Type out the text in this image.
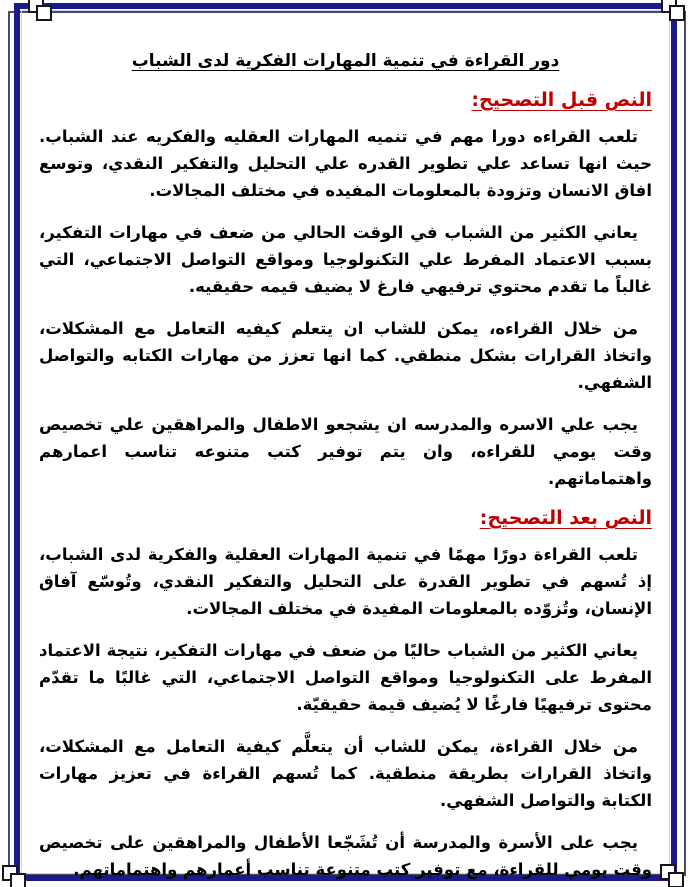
دور القراءة في تنمية المهارات الفكرية لدى الشباب
النص قبل التصحيح:

تلعب القراءه دورا مهم في تنميه المهارات العقليه والفكريه عند الشباب. حيث انها تساعد علي تطوير القدره علي التحليل والتفكير النقدي، وتوسع افاق الانسان وتزودة بالمعلومات المفيده في مختلف المجالات.

يعاني الكثير من الشباب في الوقت الحالي من ضعف في مهارات التفكير، بسبب الاعتماد المفرط علي التكنولوجيا ومواقع التواصل الاجتماعي، التي غالباً ما تقدم محتوي ترفيهي فارغ لا يضيف قيمه حقيقيه.

من خلال القراءه، يمكن للشاب ان يتعلم كيفيه التعامل مع المشكلات، واتخاذ القرارات بشكل منطقي. كما انها تعزز من مهارات الكتابه والتواصل الشفهي.

يجب علي الاسره والمدرسه ان يشجعو الاطفال والمراهقين علي تخصيص وقت يومي للقراءه، وان يتم توفير كتب متنوعه تناسب اعمارهم واهتماماتهم.

النص بعد التصحيح:

تلعب القراءة دورًا مهمًا في تنمية المهارات العقلية والفكرية لدى الشباب، إذ تُسهم في تطوير القدرة على التحليل والتفكير النقدي، وتُوسّع آفاق الإنسان، وتُزوّده بالمعلومات المفيدة في مختلف المجالات.

يعاني الكثير من الشباب حاليًا من ضعف في مهارات التفكير، نتيجة الاعتماد المفرط على التكنولوجيا ومواقع التواصل الاجتماعي، التي غالبًا ما تقدّم محتوى ترفيهيًا فارغًا لا يُضيف قيمة حقيقيّة.

من خلال القراءة، يمكن للشاب أن يتعلَّم كيفية التعامل مع المشكلات، واتخاذ القرارات بطريقة منطقية. كما تُسهم القراءة في تعزيز مهارات الكتابة والتواصل الشفهي.

يجب على الأسرة والمدرسة أن تُشَجّعا الأطفال والمراهقين على تخصيص وقت يومي للقراءة، مع توفير كتب متنوعة تناسب أعمارهم واهتماماتهم.
